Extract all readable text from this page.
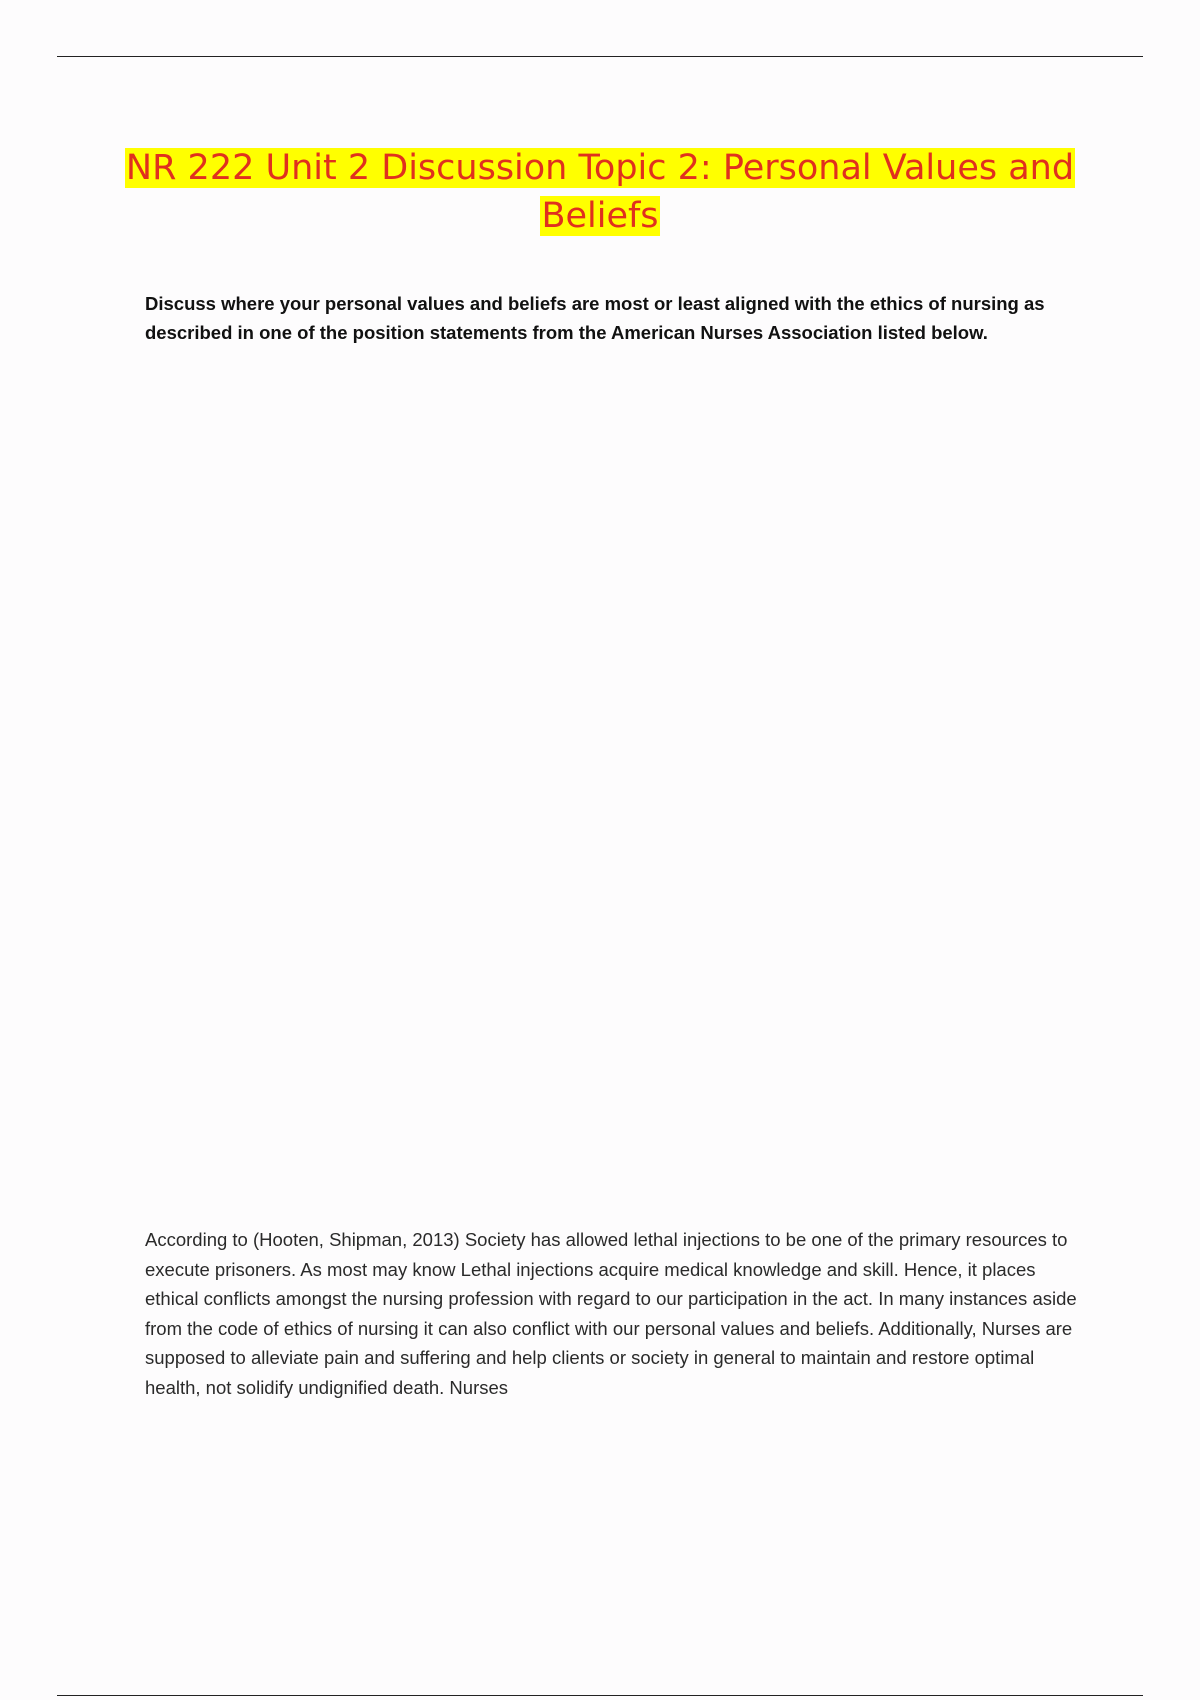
NR 222 Unit 2 Discussion Topic 2: Personal Values and Beliefs

Discuss where your personal values and beliefs are most or least aligned with the ethics of nursing as described in one of the position statements from the American Nurses Association listed below.

According to (Hooten, Shipman, 2013) Society has allowed lethal injections to be one of the primary resources to execute prisoners. As most may know Lethal injections acquire medical knowledge and skill. Hence, it places ethical conflicts amongst the nursing profession with regard to our participation in the act. In many instances aside from the code of ethics of nursing it can also conflict with our personal values and beliefs. Additionally, Nurses are supposed to alleviate pain and suffering and help clients or society in general to maintain and restore optimal health, not solidify undignified death. Nurses
